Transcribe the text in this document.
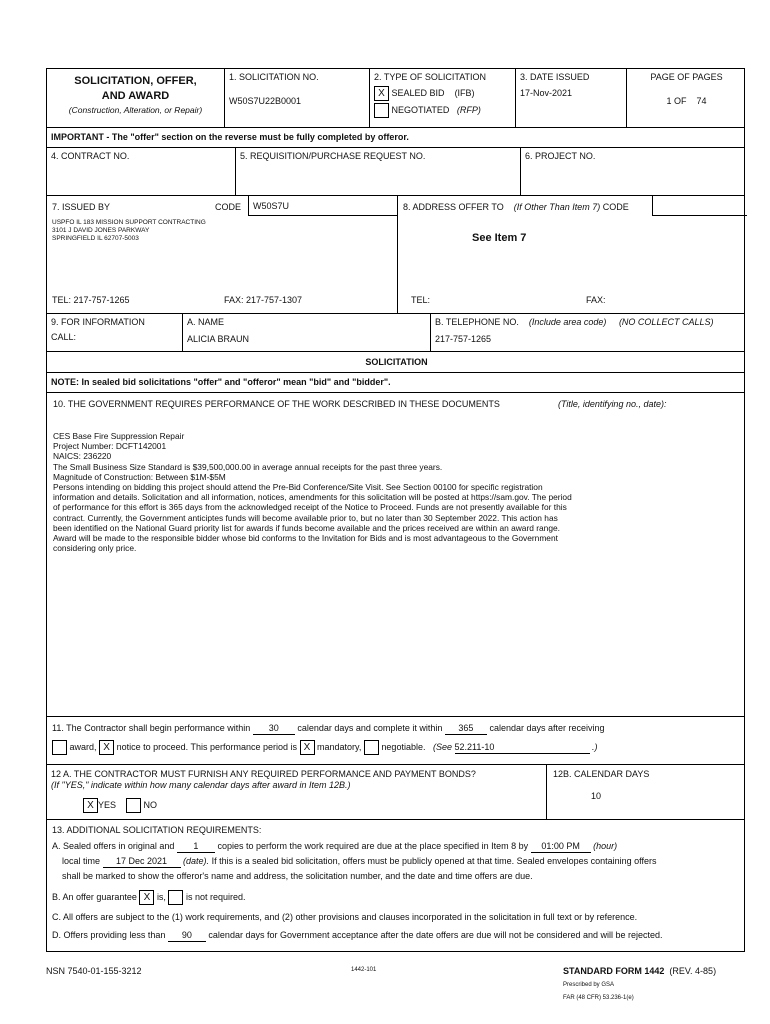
SOLICITATION, OFFER,
AND AWARD
(Construction, Alteration, or Repair)
1. SOLICITATION NO.
W50S7U22B0001
2. TYPE OF SOLICITATION
X SEALED BID (IFB)
NEGOTIATED (RFP)
3. DATE ISSUED
17-Nov-2021
PAGE OF PAGES
1 OF 74
IMPORTANT - The "offer" section on the reverse must be fully completed by offeror.
4. CONTRACT NO.	5. REQUISITION/PURCHASE REQUEST NO.	6. PROJECT NO.
7. ISSUED BY	CODE	W50S7U
USPFO IL 183 MISSION SUPPORT CONTRACTING
3101 J DAVID JONES PARKWAY
SPRINGFIELD IL 62707-5003
TEL: 217-757-1265	FAX: 217-757-1307
8. ADDRESS OFFER TO (If Other Than Item 7) CODE
See Item 7
TEL:	FAX:
9. FOR INFORMATION
CALL:
A. NAME
ALICIA BRAUN
B. TELEPHONE NO. (Include area code) (NO COLLECT CALLS)
217-757-1265
SOLICITATION
NOTE: In sealed bid solicitations "offer" and "offeror" mean "bid" and "bidder".
10. THE GOVERNMENT REQUIRES PERFORMANCE OF THE WORK DESCRIBED IN THESE DOCUMENTS	(Title, identifying no., date):

CES Base Fire Suppression Repair

Project Number: DCFT142001

NAICS: 236220

The Small Business Size Standard is $39,500,000.00 in average annual receipts for the past three years.

Magnitude of Construction: Between $1M-$5M

Persons intending on bidding this project should attend the Pre-Bid Conference/Site Visit. See Section 00100 for specific registration

information and details. Solicitation and all information, notices, amendments for this solicitation will be posted at https://sam.gov. The period

of performance for this effort is 365 days from the acknowledged receipt of the Notice to Proceed. Funds are not presently available for this

contract. Currently, the Government anticiptes funds will become available prior to, but no later than 30 September 2022. This action has

been identified on the National Guard priority list for awards if funds become available and the prices received are within an award range.

Award will be made to the responsible bidder whose bid conforms to the Invitation for Bids and is most advantageous to the Government

considering only price.

11. The Contractor shall begin performance within 30 calendar days and complete it within 365 calendar days after receiving
award, X notice to proceed. This performance period is X mandatory, negotiable. (See 52.211-10	.)
12 A. THE CONTRACTOR MUST FURNISH ANY REQUIRED PERFORMANCE AND PAYMENT BONDS?
(If "YES," indicate within how many calendar days after award in Item 12B.)
X YES	NO
12B. CALENDAR DAYS
10
13. ADDITIONAL SOLICITATION REQUIREMENTS:
A. Sealed offers in original and 1 copies to perform the work required are due at the place specified in Item 8 by 01:00 PM (hour)
local time 17 Dec 2021 (date). If this is a sealed bid solicitation, offers must be publicly opened at that time. Sealed envelopes containing offers
shall be marked to show the offeror's name and address, the solicitation number, and the date and time offers are due.
B. An offer guarantee X is, is not required.
C. All offers are subject to the (1) work requirements, and (2) other provisions and clauses incorporated in the solicitation in full text or by reference.
D. Offers providing less than 90 calendar days for Government acceptance after the date offers are due will not be considered and will be rejected.
NSN 7540-01-155-3212	1442-101	STANDARD FORM 1442 (REV. 4-85)
Prescribed by GSA
FAR (48 CFR) 53.236-1(e)
